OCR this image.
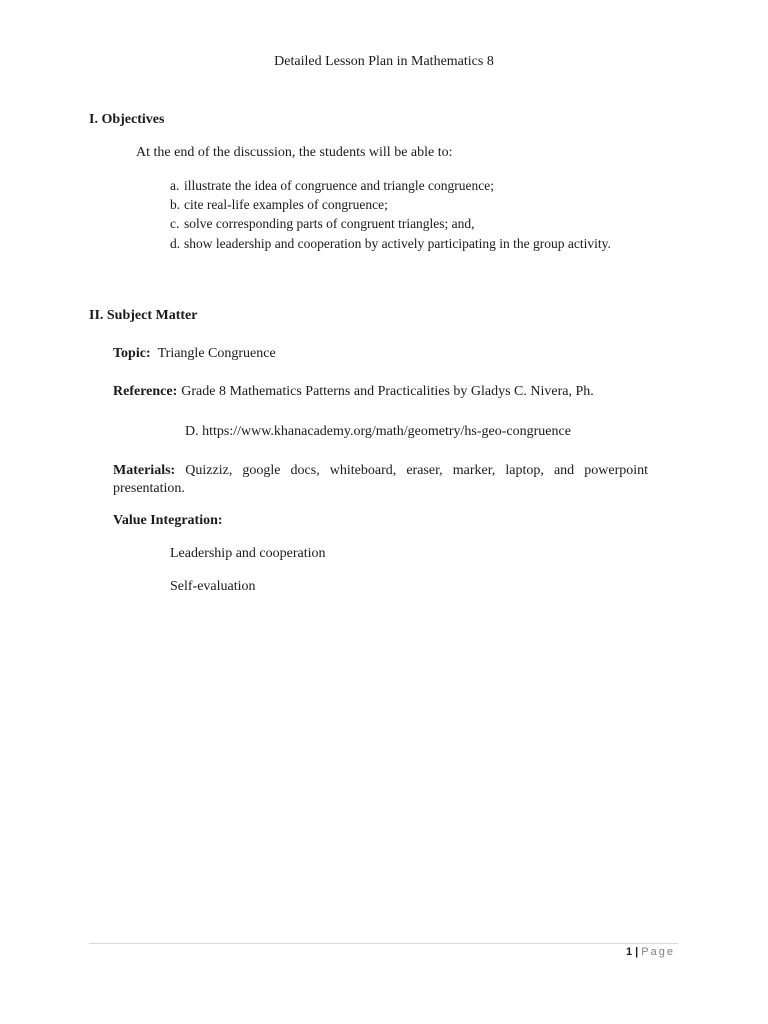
Detailed Lesson Plan in Mathematics 8
I. Objectives
At the end of the discussion, the students will be able to:
a. illustrate the idea of congruence and triangle congruence;
b. cite real-life examples of congruence;
c. solve corresponding parts of congruent triangles; and,
d. show leadership and cooperation by actively participating in the group activity.
II. Subject Matter
Topic: Triangle Congruence
Reference: Grade 8 Mathematics Patterns and Practicalities by Gladys C. Nivera, Ph.
D. https://www.khanacademy.org/math/geometry/hs-geo-congruence
Materials: Quizziz, google docs, whiteboard, eraser, marker, laptop, and powerpoint
presentation.
Value Integration:
Leadership and cooperation
Self-evaluation
1 | Page
